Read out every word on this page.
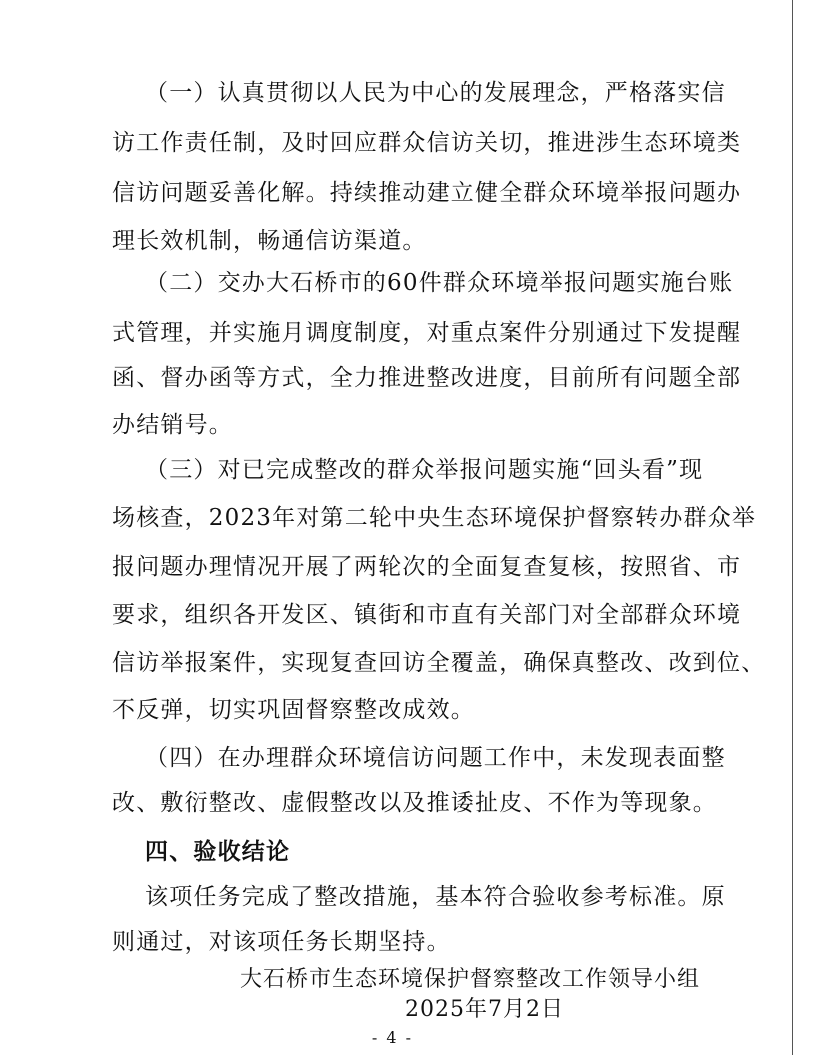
（一）认真贯彻以人民为中心的发展理念，严格落实信
访工作责任制，及时回应群众信访关切，推进涉生态环境类
信访问题妥善化解。持续推动建立健全群众环境举报问题办
理长效机制，畅通信访渠道。
（二）交办大石桥市的60件群众环境举报问题实施台账
式管理，并实施月调度制度，对重点案件分别通过下发提醒
函、督办函等方式，全力推进整改进度，目前所有问题全部
办结销号。
（三）对已完成整改的群众举报问题实施“回头看”现
场核查，2023年对第二轮中央生态环境保护督察转办群众举
报问题办理情况开展了两轮次的全面复查复核，按照省、市
要求，组织各开发区、镇街和市直有关部门对全部群众环境
信访举报案件，实现复查回访全覆盖，确保真整改、改到位、
不反弹，切实巩固督察整改成效。
（四）在办理群众环境信访问题工作中，未发现表面整
改、敷衍整改、虚假整改以及推诿扯皮、不作为等现象。
四、验收结论
该项任务完成了整改措施，基本符合验收参考标准。原
则通过，对该项任务长期坚持。
大石桥市生态环境保护督察整改工作领导小组
2025年7月2日
- 4 -
